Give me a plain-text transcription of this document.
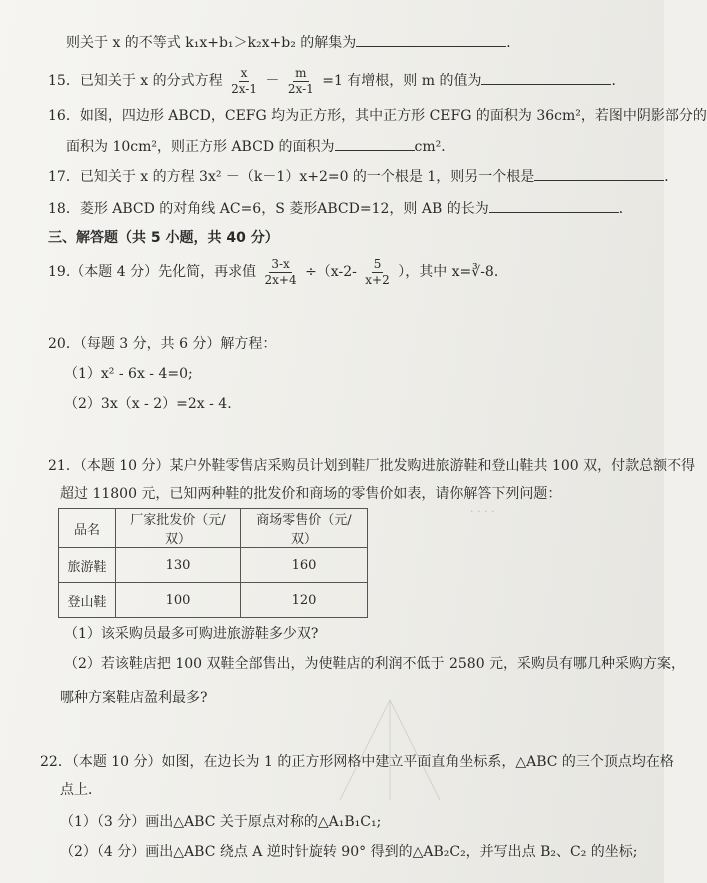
· · · ·
则关于 x 的不等式 k₁x+b₁＞k₂x+b₂ 的解集为	．
15．已知关于 x 的分式方程 $\frac{x}{2x-1} - \frac{m}{2x-1} =1$ 有增根，则 m 的值为	．
16．如图，四边形 ABCD，CEFG 均为正方形，其中正方形 CEFG 的面积为 36cm²，若图中阴影部分的
面积为 10cm²，则正方形 ABCD 的面积为	cm²．
17．已知关于 x 的方程 3x² －（k－1）x+2=0 的一个根是 1，则另一个根是	．
18．菱形 ABCD 的对角线 AC=6，S 菱形ABCD=12，则 AB 的长为	．
三、解答题（共 5 小题，共 40 分）
19.（本题 4 分）先化简，再求值 $\frac{3-x}{2x+4} \div(x-2- \frac{5}{x+2}$ ），其中 x=∛-8．
20．（每题 3 分，共 6 分）解方程：
（1）x² - 6x - 4=0;
（2）3x（x - 2）=2x - 4.
21．（本题 10 分）某户外鞋零售店采购员计划到鞋厂批发购进旅游鞋和登山鞋共 100 双，付款总额不得
超过 11800 元，已知两种鞋的批发价和商场的零售价如表，请你解答下列问题：
品名	厂家批发价（元/双）	商场零售价（元/双）
旅游鞋	130	160
登山鞋	100	120
（1）该采购员最多可购进旅游鞋多少双?
（2）若该鞋店把 100 双鞋全部售出，为使鞋店的利润不低于 2580 元，采购员有哪几种采购方案，
哪种方案鞋店盈利最多?
22．（本题 10 分）如图，在边长为 1 的正方形网格中建立平面直角坐标系，△ABC 的三个顶点均在格
点上．
（1）（3 分）画出△ABC 关于原点对称的△A₁B₁C₁;
（2）（4 分）画出△ABC 绕点 A 逆时针旋转 90° 得到的△AB₂C₂，并写出点 B₂、C₂ 的坐标;
